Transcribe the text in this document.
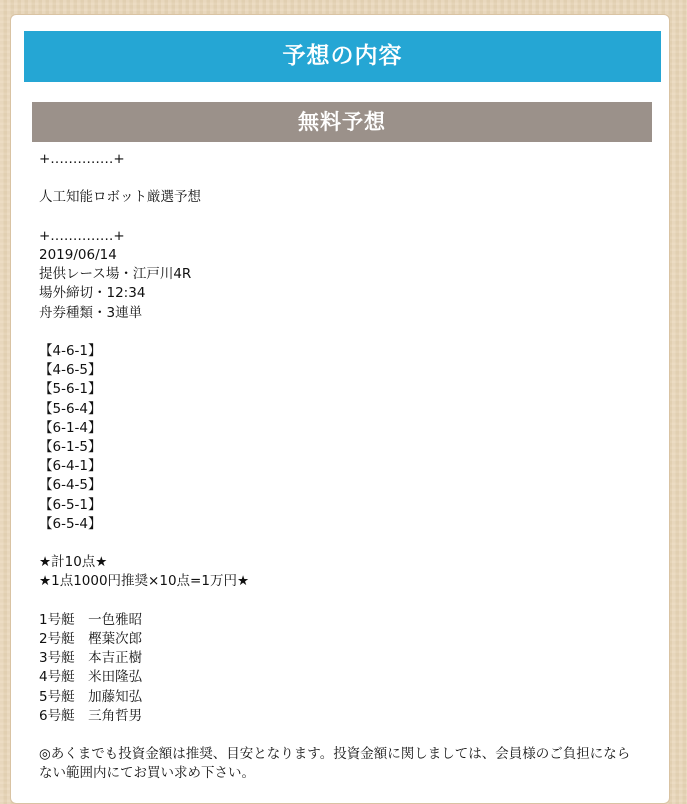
予想の内容
無料予想
+‥‥‥‥‥‥‥+
人工知能ロボット厳選予想
+‥‥‥‥‥‥‥+
2019/06/14
提供レース場・江戸川4R
場外締切・12:34
舟券種類・3連単
【4-6-1】
【4-6-5】
【5-6-1】
【5-6-4】
【6-1-4】
【6-1-5】
【6-4-1】
【6-4-5】
【6-5-1】
【6-5-4】
★計10点★
★1点1000円推奨×10点=1万円★
1号艇　一色雅昭
2号艇　樫葉次郎
3号艇　本吉正樹
4号艇　米田隆弘
5号艇　加藤知弘
6号艇　三角哲男
◎あくまでも投資金額は推奨、目安となります。投資金額に関しましては、会員様のご負担にならない範囲内にてお買い求め下さい。
